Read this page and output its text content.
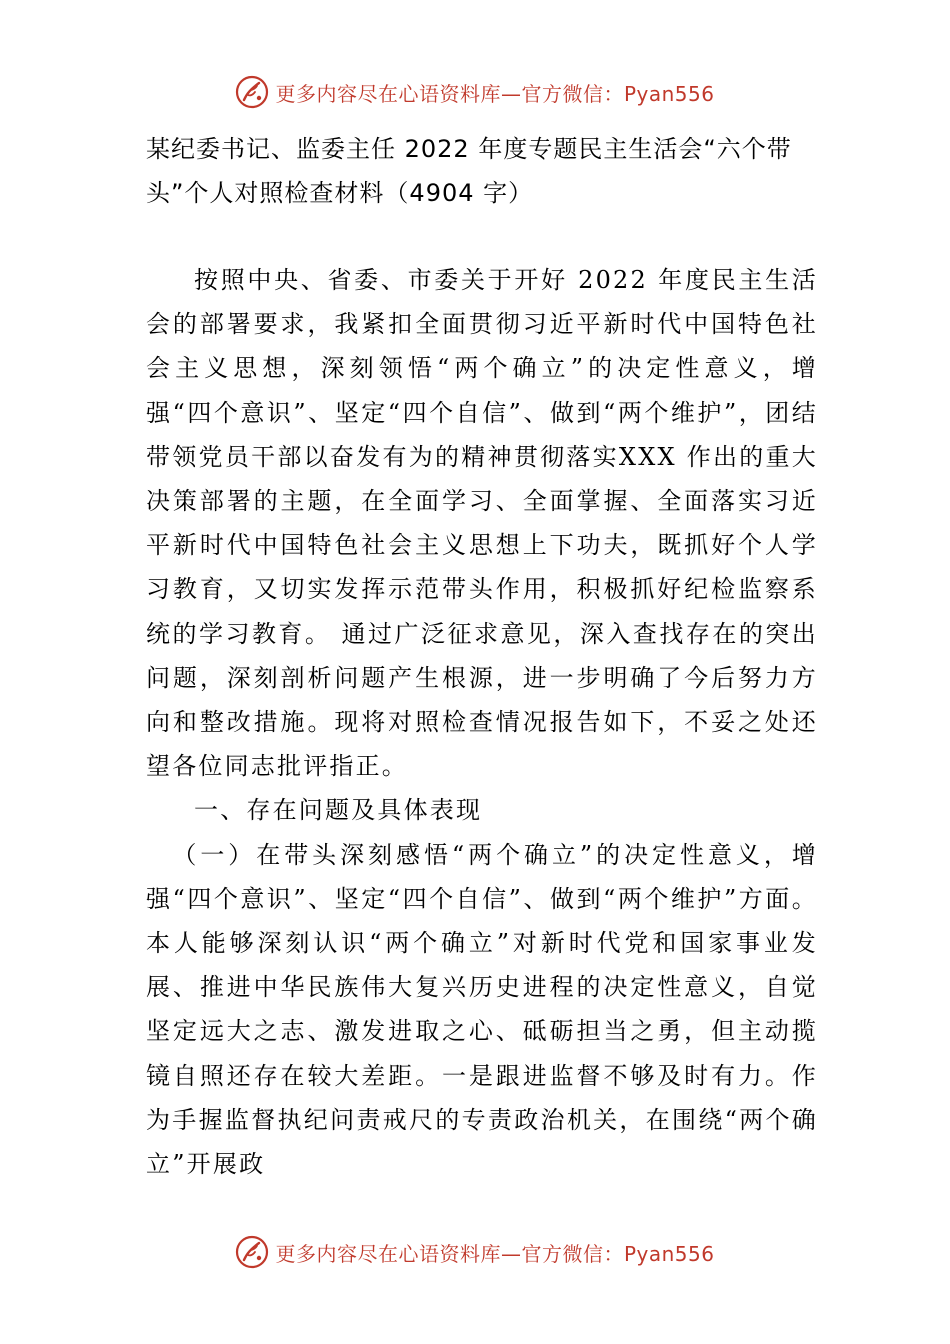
更多内容尽在心语资料库—官方微信：Pyan556
某纪委书记、监委主任 2022 年度专题民主生活会“六个带头”个人对照检查材料（4904 字）

按照中央、省委、市委关于开好 2022 年度民主生活会的部署要求，我紧扣全面贯彻习近平新时代中国特色社会主义思想，深刻领悟“两个确立”的决定性意义，增强“四个意识”、坚定“四个自信”、做到“两个维护”，团结带领党员干部以奋发有为的精神贯彻落实XXX 作出的重大决策部署的主题，在全面学习、全面掌握、全面落实习近平新时代中国特色社会主义思想上下功夫，既抓好个人学习教育，又切实发挥示范带头作用，积极抓好纪检监察系统的学习教育。 通过广泛征求意见，深入查找存在的突出问题，深刻剖析问题产生根源，进一步明确了今后努力方向和整改措施。现将对照检查情况报告如下，不妥之处还望各位同志批评指正。

一、存在问题及具体表现

（一）在带头深刻感悟“两个确立”的决定性意义，增强“四个意识”、坚定“四个自信”、做到“两个维护”方面。本人能够深刻认识“两个确立”对新时代党和国家事业发展、推进中华民族伟大复兴历史进程的决定性意义，自觉坚定远大之志、激发进取之心、砥砺担当之勇，但主动揽镜自照还存在较大差距。一是跟进监督不够及时有力。作为手握监督执纪问责戒尺的专责政治机关，在围绕“两个确立”开展政

更多内容尽在心语资料库—官方微信：Pyan556
